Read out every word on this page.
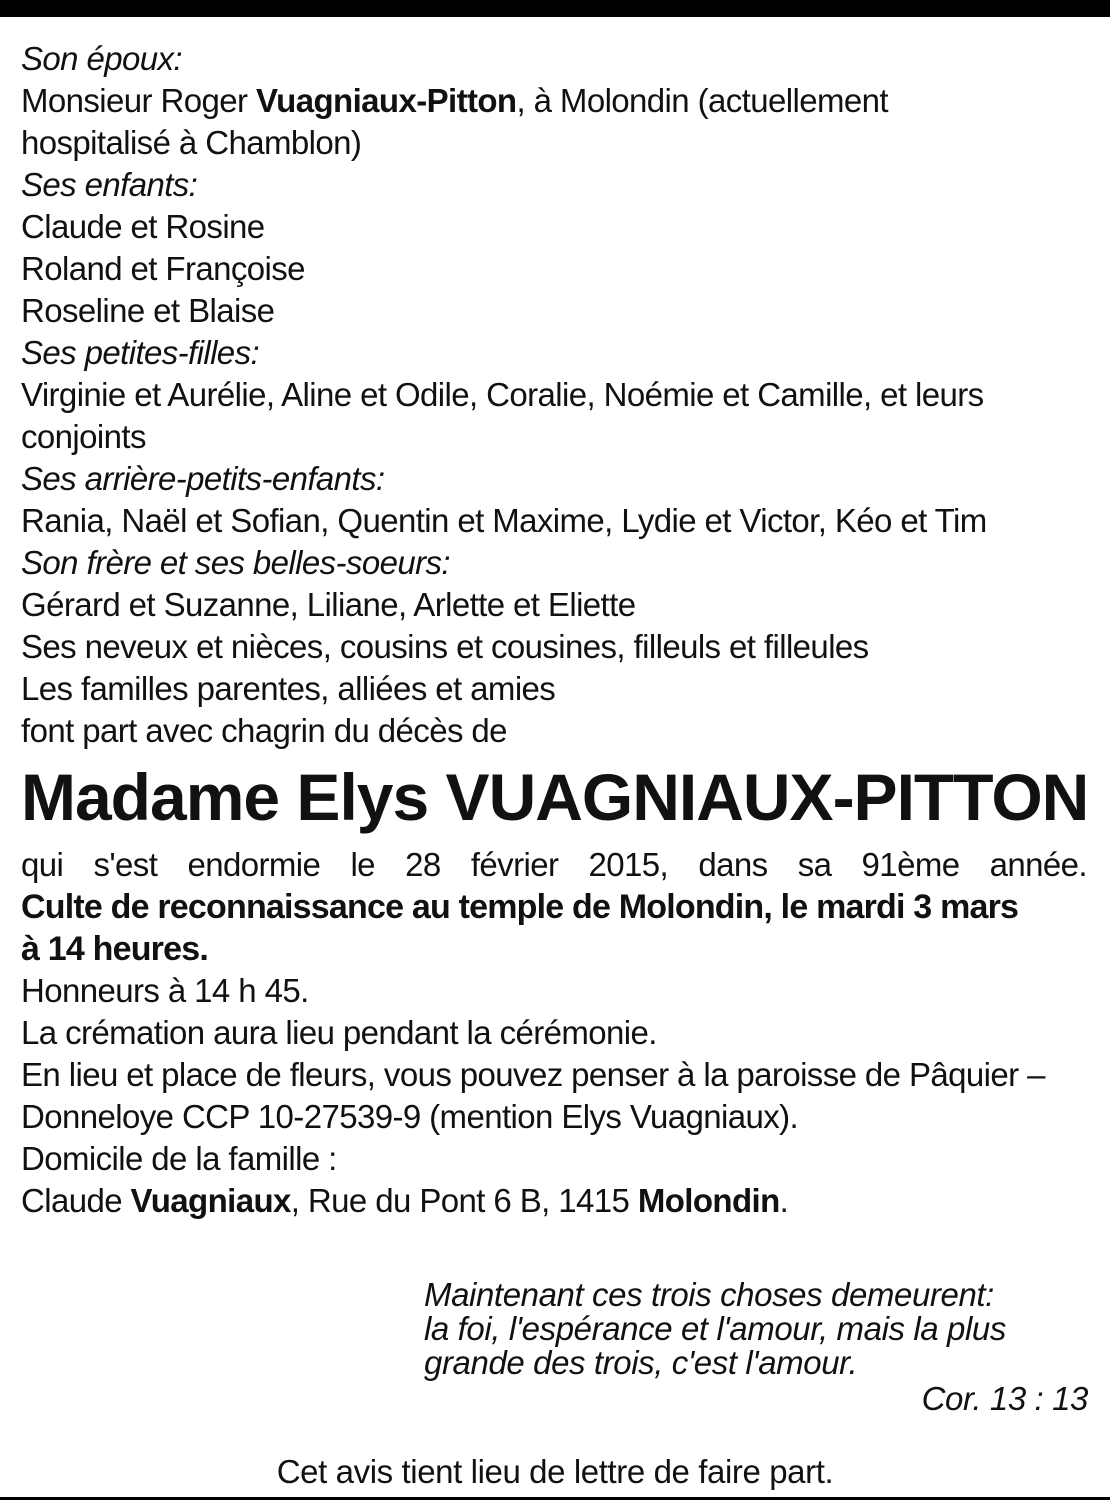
Son époux:
Monsieur Roger Vuagniaux-Pitton, à Molondin (actuellement
hospitalisé à Chamblon)
Ses enfants:
Claude et Rosine
Roland et Françoise
Roseline et Blaise
Ses petites-filles:
Virginie et Aurélie, Aline et Odile, Coralie, Noémie et Camille, et leurs
conjoints
Ses arrière-petits-enfants:
Rania, Naël et Sofian, Quentin et Maxime, Lydie et Victor, Kéo et Tim
Son frère et ses belles-soeurs:
Gérard et Suzanne, Liliane, Arlette et Eliette
Ses neveux et nièces, cousins et cousines, filleuls et filleules
Les familles parentes, alliées et amies
font part avec chagrin du décès de
Madame Elys VUAGNIAUX-PITTON
qui s'est endormie le 28 février 2015, dans sa 91ème année.
Culte de reconnaissance au temple de Molondin, le mardi 3 mars
à 14 heures.
Honneurs à 14 h 45.
La crémation aura lieu pendant la cérémonie.
En lieu et place de fleurs, vous pouvez penser à la paroisse de Pâquier –
Donneloye CCP 10-27539-9 (mention Elys Vuagniaux).
Domicile de la famille :
Claude Vuagniaux, Rue du Pont 6 B, 1415 Molondin.
Maintenant ces trois choses demeurent:
la foi, l'espérance et l'amour, mais la plus
grande des trois, c'est l'amour.
Cor. 13 : 13
Cet avis tient lieu de lettre de faire part.
